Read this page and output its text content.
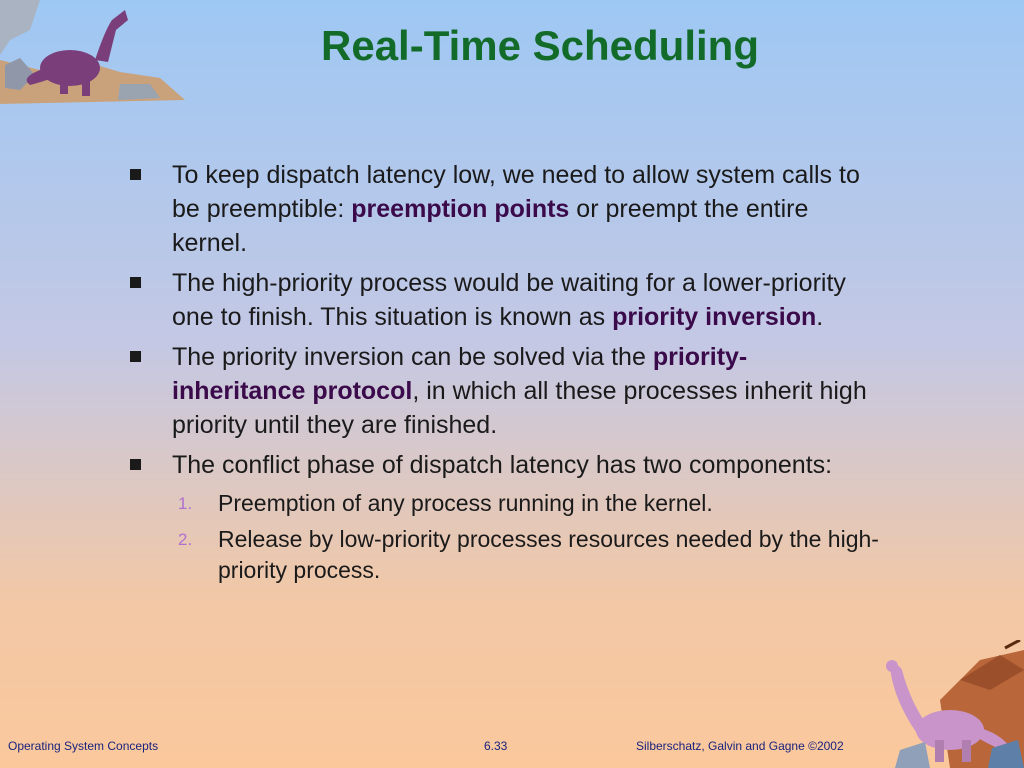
Real-Time Scheduling
To keep dispatch latency low, we need to allow system calls to be preemptible: preemption points or preempt the entire kernel.
The high-priority process would be waiting for a lower-priority one to finish. This situation is known as priority inversion.
The priority inversion can be solved via the priority-inheritance protocol, in which all these processes inherit high priority until they are finished.
The conflict phase of dispatch latency has two components:
1. Preemption of any process running in the kernel.
2. Release by low-priority processes resources needed by the high-priority process.
Operating System Concepts	6.33	Silberschatz, Galvin and Gagne ©2002
